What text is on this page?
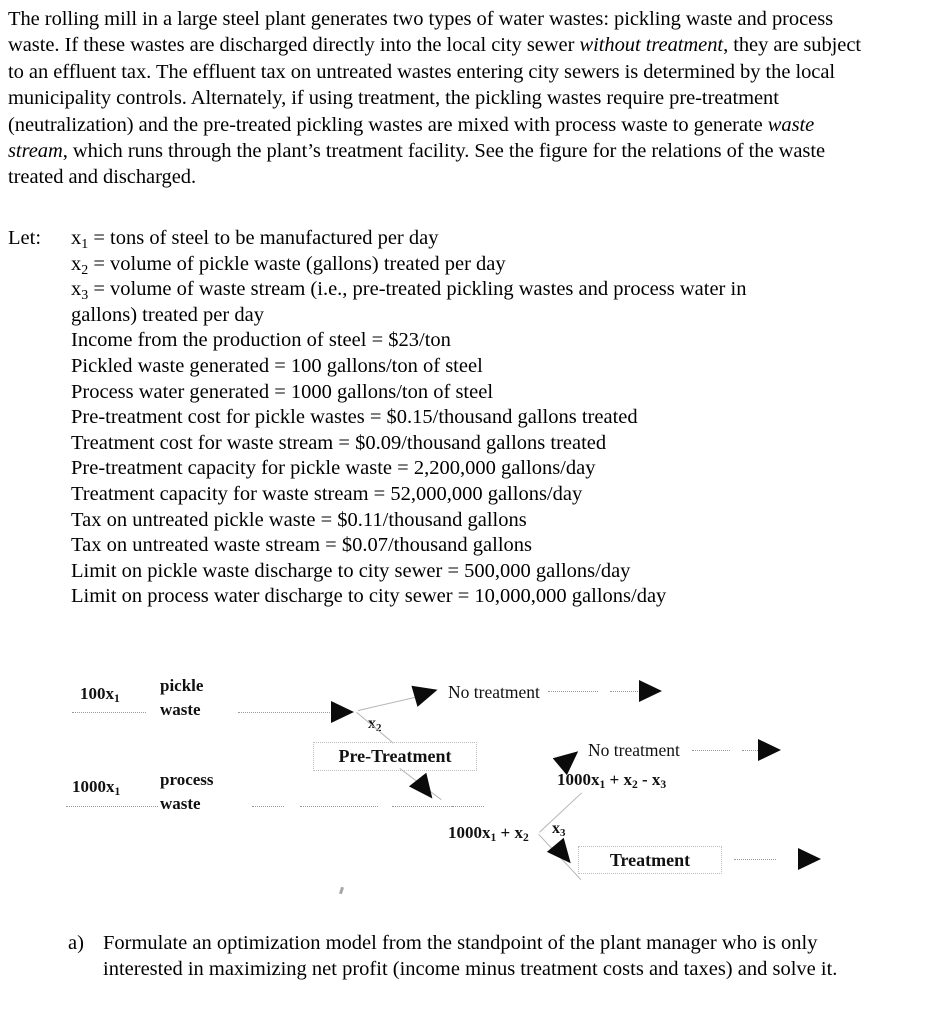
The rolling mill in a large steel plant generates two types of water wastes: pickling waste and process waste. If these wastes are discharged directly into the local city sewer without treatment, they are subject to an effluent tax. The effluent tax on untreated wastes entering city sewers is determined by the local municipality controls. Alternately, if using treatment, the pickling wastes require pre-treatment (neutralization) and the pre-treated pickling wastes are mixed with process waste to generate waste stream, which runs through the plant’s treatment facility. See the figure for the relations of the waste treated and discharged.
Let: $x_1$ = tons of steel to be manufactured per day
$x_2$ = volume of pickle waste (gallons) treated per day
$x_3$ = volume of waste stream (i.e., pre-treated pickling wastes and process water in gallons) treated per day
Income from the production of steel = $23/ton
Pickled waste generated = 100 gallons/ton of steel
Process water generated = 1000 gallons/ton of steel
Pre-treatment cost for pickle wastes = $0.15/thousand gallons treated
Treatment cost for waste stream = $0.09/thousand gallons treated
Pre-treatment capacity for pickle waste = 2,200,000 gallons/day
Treatment capacity for waste stream = 52,000,000 gallons/day
Tax on untreated pickle waste = $0.11/thousand gallons
Tax on untreated waste stream = $0.07/thousand gallons
Limit on pickle waste discharge to city sewer = 500,000 gallons/day
Limit on process water discharge to city sewer = 10,000,000 gallons/day
$100x_1$
pickle
waste
No treatment
$x_2$
Pre-Treatment
$1000x_1$
process
waste
$1000x_1 + x_2$
No treatment
$1000x_1 + x_2 - x_3$
$x_3$
Treatment
a) Formulate an optimization model from the standpoint of the plant manager who is only interested in maximizing net profit (income minus treatment costs and taxes) and solve it.
